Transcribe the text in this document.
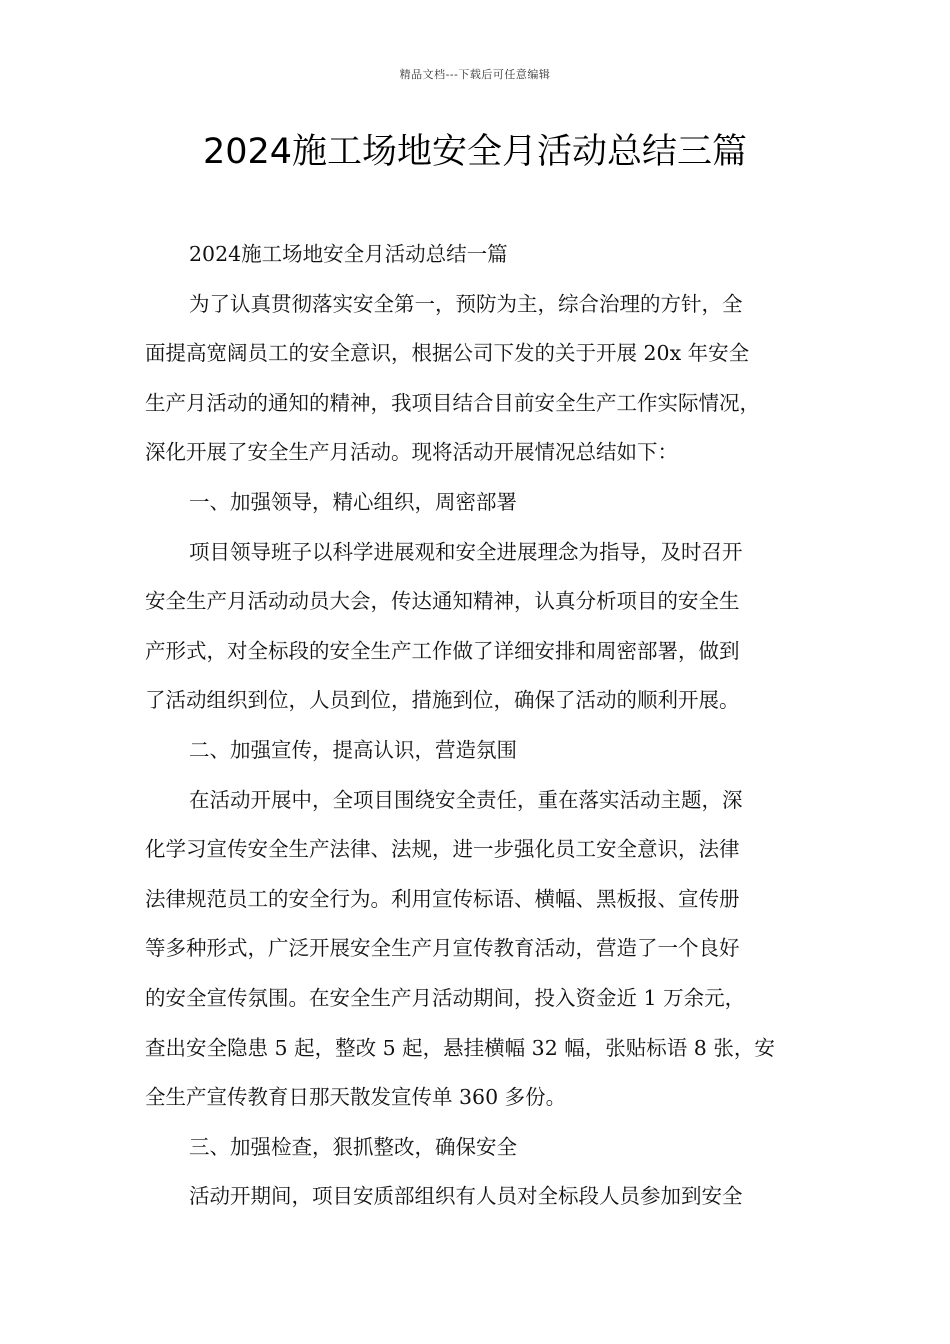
精品文档---下载后可任意编辑
2024施工场地安全月活动总结三篇
2024施工场地安全月活动总结一篇
为了认真贯彻落实安全第一，预防为主，综合治理的方针，全
面提高宽阔员工的安全意识，根据公司下发的关于开展 20x 年安全
生产月活动的通知的精神，我项目结合目前安全生产工作实际情况，
深化开展了安全生产月活动。现将活动开展情况总结如下：
一、加强领导，精心组织，周密部署
项目领导班子以科学进展观和安全进展理念为指导，及时召开
安全生产月活动动员大会，传达通知精神，认真分析项目的安全生
产形式，对全标段的安全生产工作做了详细安排和周密部署，做到
了活动组织到位，人员到位，措施到位，确保了活动的顺利开展。
二、加强宣传，提高认识，营造氛围
在活动开展中，全项目围绕安全责任，重在落实活动主题，深
化学习宣传安全生产法律、法规，进一步强化员工安全意识，法律
法律规范员工的安全行为。利用宣传标语、横幅、黑板报、宣传册
等多种形式，广泛开展安全生产月宣传教育活动，营造了一个良好
的安全宣传氛围。在安全生产月活动期间，投入资金近 1 万余元，
查出安全隐患 5 起，整改 5 起，悬挂横幅 32 幅，张贴标语 8 张，安
全生产宣传教育日那天散发宣传单 360 多份。
三、加强检查，狠抓整改，确保安全
活动开期间，项目安质部组织有人员对全标段人员参加到安全
